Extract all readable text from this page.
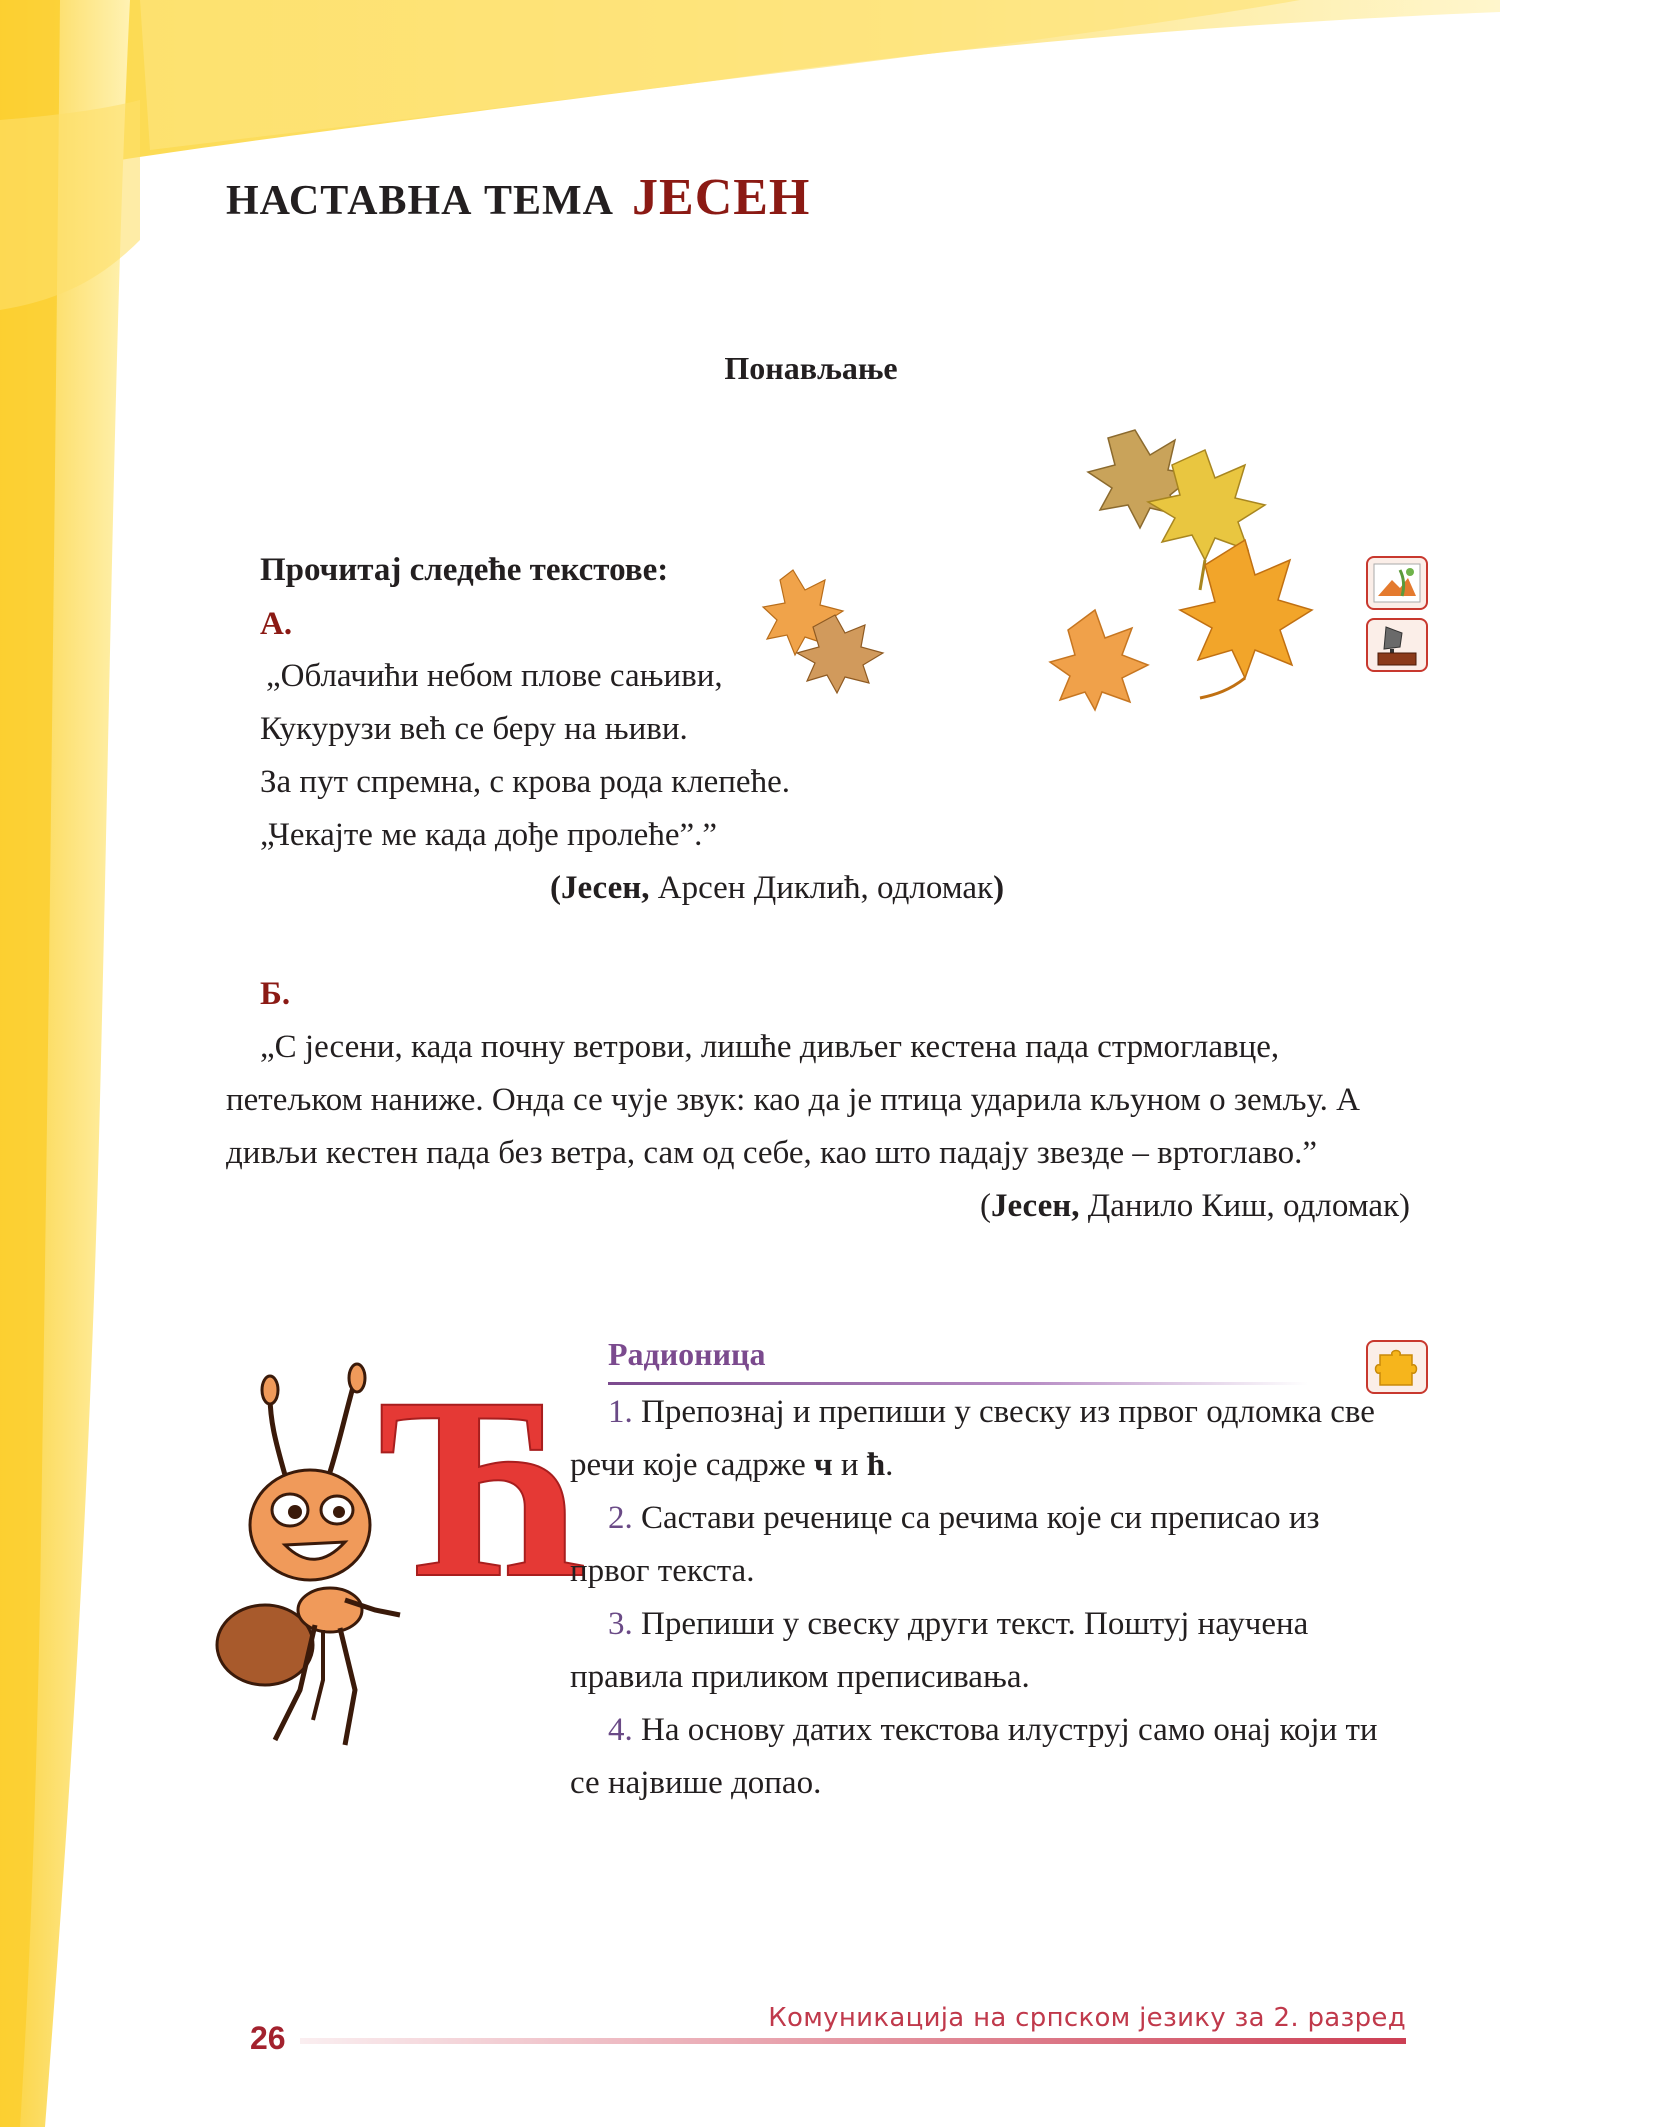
НАСТАВНА ТЕМА ЈЕСЕН
Понављање
Прочитај следеће текстове:
А.
„Облачићи небом плове сањиви,
Кукурузи већ се беру на њиви.
За пут спремна, с крова рода клепеће.
„Чекајте ме када дође пролеће”.”
(Јесен, Арсен Диклић, одломак)
Б.
„С јесени, када почну ветрови, лишће дивљег кестена пада стрмоглавце,
петељком наниже. Онда се чује звук: као да је птица ударила кљуном о земљу. А
дивљи кестен пада без ветра, сам од себе, као што падају звезде – вртоглаво.”
(Јесен, Данило Киш, одломак)
Ћ Радионица
1. Препознај и препиши у свеску из првог одломка све
речи које садрже ч и ћ.
2. Састави реченице са речима које си преписао из
првог текста.
3. Препиши у свеску други текст. Поштуј научена
правила приликом преписивања.
4. На основу датих текстова илуструј само онај који ти
се највише допао.
Комуникација на српском језику за 2. разред
26
